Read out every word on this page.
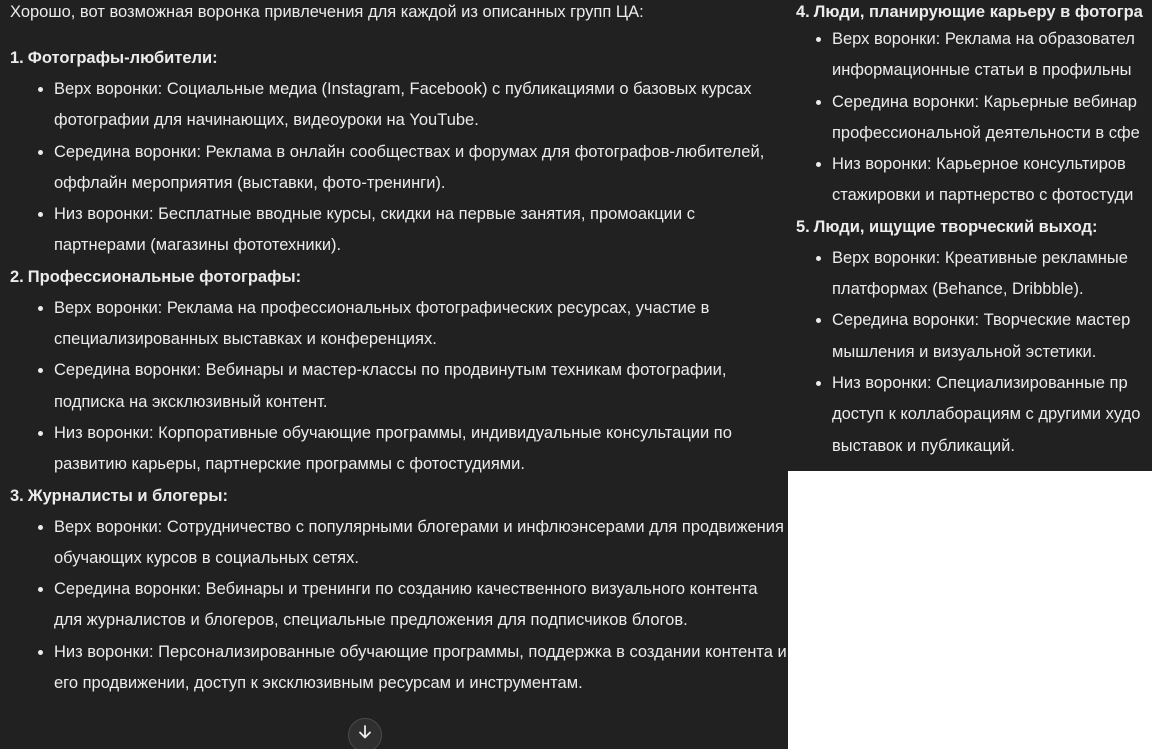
Хорошо, вот возможная воронка привлечения для каждой из описанных групп ЦА:

1. Фотографы-любители:
Верх воронки: Социальные медиа (Instagram, Facebook) с публикациями о базовых курсах фотографии для начинающих, видеоуроки на YouTube.
Середина воронки: Реклама в онлайн сообществах и форумах для фотографов-любителей, оффлайн мероприятия (выставки, фото-тренинги).
Низ воронки: Бесплатные вводные курсы, скидки на первые занятия, промоакции с партнерами (магазины фототехники).
2. Профессиональные фотографы:
Верх воронки: Реклама на профессиональных фотографических ресурсах, участие в специализированных выставках и конференциях.
Середина воронки: Вебинары и мастер-классы по продвинутым техникам фотографии, подписка на эксклюзивный контент.
Низ воронки: Корпоративные обучающие программы, индивидуальные консультации по развитию карьеры, партнерские программы с фотостудиями.
3. Журналисты и блогеры:
Верх воронки: Сотрудничество с популярными блогерами и инфлюэнсерами для продвижения обучающих курсов в социальных сетях.
Середина воронки: Вебинары и тренинги по созданию качественного визуального контента для журналистов и блогеров, специальные предложения для подписчиков блогов.
Низ воронки: Персонализированные обучающие программы, поддержка в создании контента и его продвижении, доступ к эксклюзивным ресурсам и инструментам.
4. Люди, планирующие карьеру в фотогра
Верх воронки: Реклама на образовател
информационные статьи в профильны
Середина воронки: Карьерные вебинар
профессиональной деятельности в сфе
Низ воронки: Карьерное консультиров
стажировки и партнерство с фотостуди
5. Люди, ищущие творческий выход:
Верх воронки: Креативные рекламные
платформах (Behance, Dribbble).
Середина воронки: Творческие мастер
мышления и визуальной эстетики.
Низ воронки: Специализированные пр
доступ к коллаборациям с другими худо
выставок и публикаций.
